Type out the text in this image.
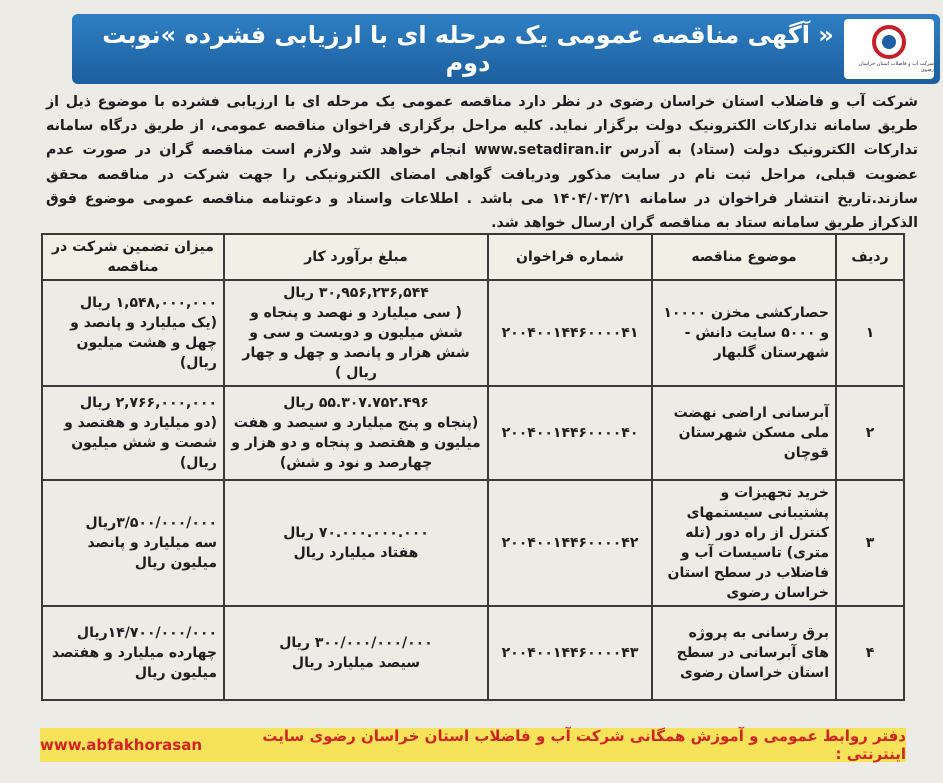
« آگهی مناقصه عمومی یک مرحله ای با ارزیابی فشرده »نوبت دوم	شرکت آب و فاضلاب استان خراسان رضوی
شرکت آب و فاضلاب استان خراسان رضوی در نظر دارد مناقصه عمومی یک مرحله ای با ارزیابی فشرده با موضوع ذیل از طریق سامانه تدارکات الکترونیک دولت برگزار نماید. کلیه مراحل برگزاری فراخوان مناقصه عمومی، از طریق درگاه سامانه تدارکات الکترونیک دولت (ستاد) به آدرس www.setadiran.ir انجام خواهد شد ولازم است مناقصه گران در صورت عدم عضویت قبلی، مراحل ثبت نام در سایت مذکور ودریافت گواهی امضای الکترونیکی را جهت شرکت در مناقصه محقق سازند.تاریخ انتشار فراخوان در سامانه ۱۴۰۴/۰۳/۲۱ می باشد . اطلاعات واسناد و دعوتنامه مناقصه عمومی موضوع فوق الذکراز طریق سامانه ستاد به مناقصه گران ارسال خواهد شد.
ردیف	موضوع مناقصه	شماره فراخوان	مبلغ برآورد کار	میزان تضمین شرکت در مناقصه
۱	حصارکشی مخزن ۱۰۰۰۰ و ۵۰۰۰ سایت دانش - شهرستان گلبهار	۲۰۰۴۰۰۱۴۴۶۰۰۰۰۴۱	۳۰,۹۵۶,۲۳۶,۵۴۴ ریال
( سی میلیارد و نهصد و پنجاه و شش میلیون و دویست و سی و شش هزار و پانصد و چهل و چهار ریال )	۱,۵۴۸,۰۰۰,۰۰۰ ریال
(یک میلیارد و پانصد و چهل و هشت میلیون ریال)
۲	آبرسانی اراضی نهضت ملی مسکن شهرستان قوچان	۲۰۰۴۰۰۱۴۴۶۰۰۰۰۴۰	۵۵.۳۰۷.۷۵۲.۴۹۶ ریال
(پنجاه و پنج میلیارد و سیصد و هفت میلیون و هفتصد و پنجاه و دو هزار و چهارصد و نود و شش)	۲,۷۶۶,۰۰۰,۰۰۰ ریال
(دو میلیارد و هفتصد و شصت و شش میلیون ریال)
۳	خرید تجهیزات و پشتیبانی سیستمهای کنترل از راه دور (تله متری) تاسیسات آب و فاضلاب در سطح استان خراسان رضوی	۲۰۰۴۰۰۱۴۴۶۰۰۰۰۴۲	۷۰.۰۰۰.۰۰۰.۰۰۰ ریال
هفتاد میلیارد ریال	۳/۵۰۰/۰۰۰/۰۰۰ریال
سه میلیارد و پانصد میلیون ریال
۴	برق رسانی به پروژه های آبرسانی در سطح استان خراسان رضوی	۲۰۰۴۰۰۱۴۴۶۰۰۰۰۴۳	۳۰۰/۰۰۰/۰۰۰/۰۰۰ ریال
سیصد میلیارد ریال	۱۴/۷۰۰/۰۰۰/۰۰۰ریال
چهارده میلیارد و هفتصد میلیون ریال
دفتر روابط عمومی و آموزش همگانی شرکت آب و فاضلاب استان خراسان رضوی سایت اینترنتی :
www.abfakhorasan
